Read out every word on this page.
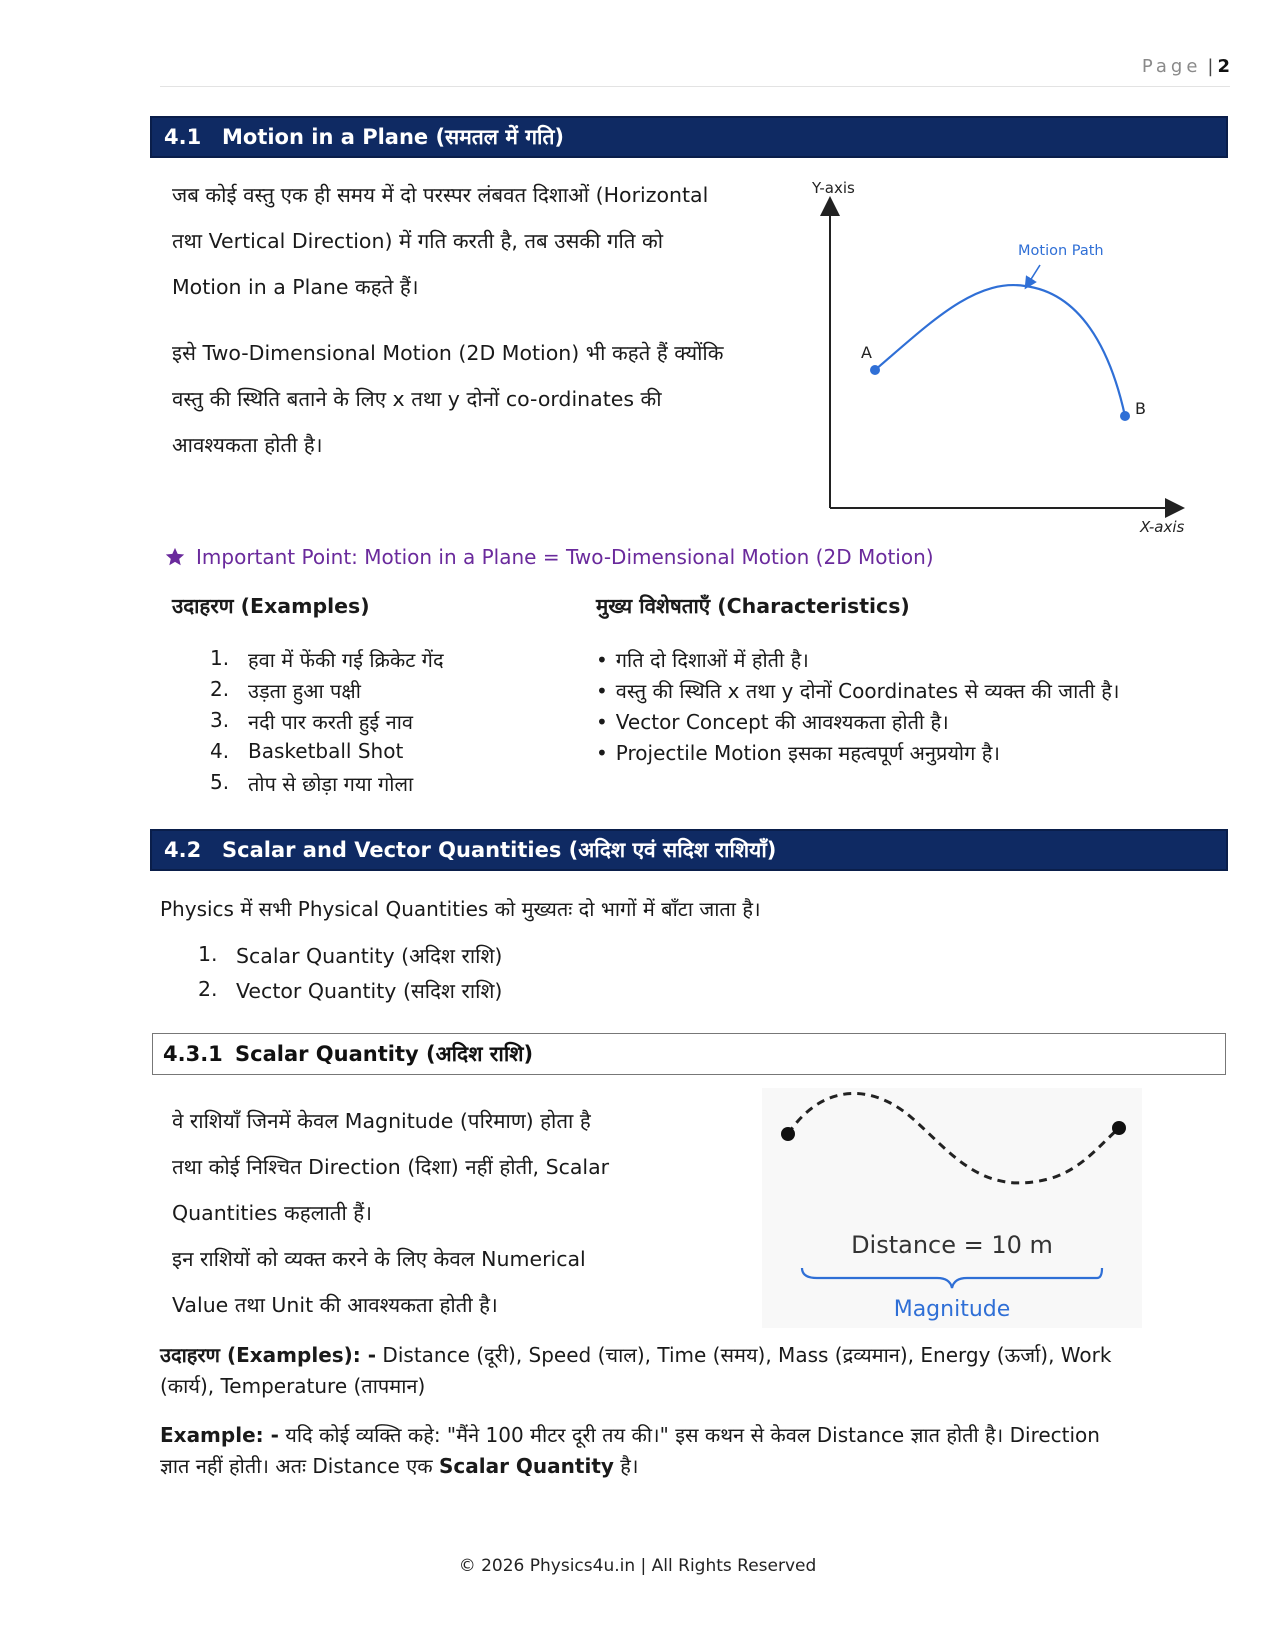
Page | 2
4.1 Motion in a Plane (समतल में गति)

जब कोई वस्तु एक ही समय में दो परस्पर लंबवत दिशाओं (Horizontal

तथा Vertical Direction) में गति करती है, तब उसकी गति को

Motion in a Plane कहते हैं।

इसे Two-Dimensional Motion (2D Motion) भी कहते हैं क्योंकि

वस्तु की स्थिति बताने के लिए x तथा y दोनों co-ordinates की

आवश्यकता होती है।

Y-axis
X-axis
A
B
Motion Path
Important Point: Motion in a Plane = Two-Dimensional Motion (2D Motion)
उदाहरण (Examples)
1. हवा में फेंकी गई क्रिकेट गेंद
2. उड़ता हुआ पक्षी
3. नदी पार करती हुई नाव
4. Basketball Shot
5. तोप से छोड़ा गया गोला
मुख्य विशेषताएँ (Characteristics)
• गति दो दिशाओं में होती है।
• वस्तु की स्थिति x तथा y दोनों Coordinates से व्यक्त की जाती है।
• Vector Concept की आवश्यकता होती है।
• Projectile Motion इसका महत्वपूर्ण अनुप्रयोग है।
4.2 Scalar and Vector Quantities (अदिश एवं सदिश राशियाँ)
Physics में सभी Physical Quantities को मुख्यतः दो भागों में बाँटा जाता है।
1. Scalar Quantity (अदिश राशि)
2. Vector Quantity (सदिश राशि)
4.3.1 Scalar Quantity (अदिश राशि)

वे राशियाँ जिनमें केवल Magnitude (परिमाण) होता है

तथा कोई निश्चित Direction (दिशा) नहीं होती, Scalar

Quantities कहलाती हैं।

इन राशियों को व्यक्त करने के लिए केवल Numerical

Value तथा Unit की आवश्यकता होती है।

Distance = 10 m
Magnitude
उदाहरण (Examples): - Distance (दूरी), Speed (चाल), Time (समय), Mass (द्रव्यमान), Energy (ऊर्जा), Work
(कार्य), Temperature (तापमान)
Example: - यदि कोई व्यक्ति कहे: "मैंने 100 मीटर दूरी तय की।" इस कथन से केवल Distance ज्ञात होती है। Direction
ज्ञात नहीं होती। अतः Distance एक Scalar Quantity है।
© 2026 Physics4u.in | All Rights Reserved
